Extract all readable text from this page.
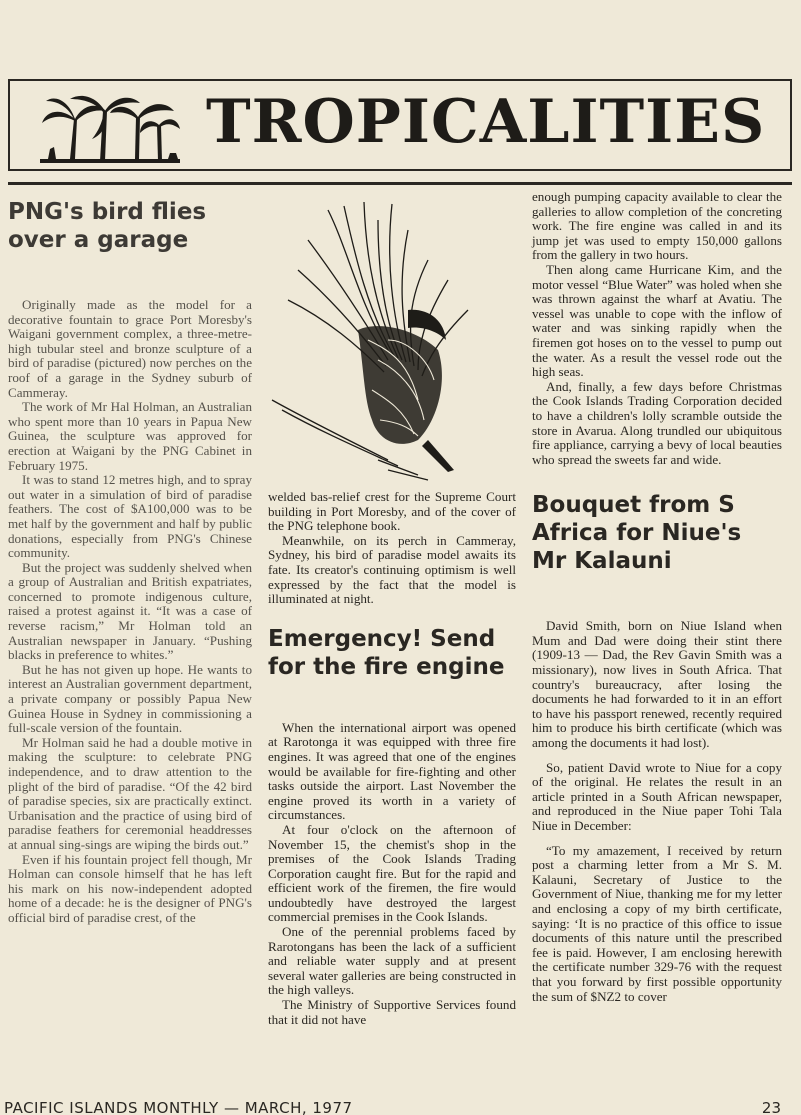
TROPICALITIES
PNG's bird flies over a garage

Originally made as the model for a decorative fountain to grace Port Moresby's Waigani government complex, a three-metre-high tubular steel and bronze sculpture of a bird of paradise (pictured) now perches on the roof of a garage in the Sydney suburb of Cammeray.

The work of Mr Hal Holman, an Australian who spent more than 10 years in Papua New Guinea, the sculpture was approved for erection at Waigani by the PNG Cabinet in February 1975.

It was to stand 12 metres high, and to spray out water in a simulation of bird of paradise feathers. The cost of $A100,000 was to be met half by the government and half by public donations, especially from PNG's Chinese community.

But the project was suddenly shelved when a group of Australian and British expatriates, concerned to promote indigenous culture, raised a protest against it. “It was a case of reverse racism,” Mr Holman told an Australian newspaper in January. “Pushing blacks in preference to whites.”

But he has not given up hope. He wants to interest an Australian government department, a private company or possibly Papua New Guinea House in Sydney in commissioning a full-scale version of the fountain.

Mr Holman said he had a double motive in making the sculpture: to celebrate PNG independence, and to draw attention to the plight of the bird of paradise. “Of the 42 bird of paradise species, six are practically extinct. Urbanisation and the practice of using bird of paradise feathers for ceremonial headdresses at annual sing-sings are wiping the birds out.”

Even if his fountain project fell though, Mr Holman can console himself that he has left his mark on his now-independent adopted home of a decade: he is the designer of PNG's official bird of paradise crest, of the

welded bas-relief crest for the Supreme Court building in Port Moresby, and of the cover of the PNG telephone book.

Meanwhile, on its perch in Cammeray, Sydney, his bird of paradise model awaits its fate. Its creator's continuing optimism is well expressed by the fact that the model is illuminated at night.

Emergency! Send for the fire engine

When the international airport was opened at Rarotonga it was equipped with three fire engines. It was agreed that one of the engines would be available for fire-fighting and other tasks outside the airport. Last November the engine proved its worth in a variety of circumstances.

At four o'clock on the afternoon of November 15, the chemist's shop in the premises of the Cook Islands Trading Corporation caught fire. But for the rapid and efficient work of the firemen, the fire would undoubtedly have destroyed the largest commercial premises in the Cook Islands.

One of the perennial problems faced by Rarotongans has been the lack of a sufficient and reliable water supply and at present several water galleries are being constructed in the high valleys.

The Ministry of Supportive Services found that it did not have

enough pumping capacity available to clear the galleries to allow completion of the concreting work. The fire engine was called in and its jump jet was used to empty 150,000 gallons from the gallery in two hours.

Then along came Hurricane Kim, and the motor vessel “Blue Water” was holed when she was thrown against the wharf at Avatiu. The vessel was unable to cope with the inflow of water and was sinking rapidly when the firemen got hoses on to the vessel to pump out the water. As a result the vessel rode out the high seas.

And, finally, a few days before Christmas the Cook Islands Trading Corporation decided to have a children's lolly scramble outside the store in Avarua. Along trundled our ubiquitous fire appliance, carrying a bevy of local beauties who spread the sweets far and wide.

Bouquet from S Africa for Niue's Mr Kalauni

David Smith, born on Niue Island when Mum and Dad were doing their stint there (1909-13 — Dad, the Rev Gavin Smith was a missionary), now lives in South Africa. That country's bureaucracy, after losing the documents he had forwarded to it in an effort to have his passport renewed, recently required him to produce his birth certificate (which was among the documents it had lost).

So, patient David wrote to Niue for a copy of the original. He relates the result in an article printed in a South African newspaper, and reproduced in the Niue paper Tohi Tala Niue in December:

“To my amazement, I received by return post a charming letter from a Mr S. M. Kalauni, Secretary of Justice to the Government of Niue, thanking me for my letter and enclosing a copy of my birth certificate, saying: ‘It is no practice of this office to issue documents of this nature until the prescribed fee is paid. However, I am enclosing herewith the certificate number 329-76 with the request that you forward by first possible opportunity the sum of $NZ2 to cover

PACIFIC ISLANDS MONTHLY — MARCH, 1977	23
